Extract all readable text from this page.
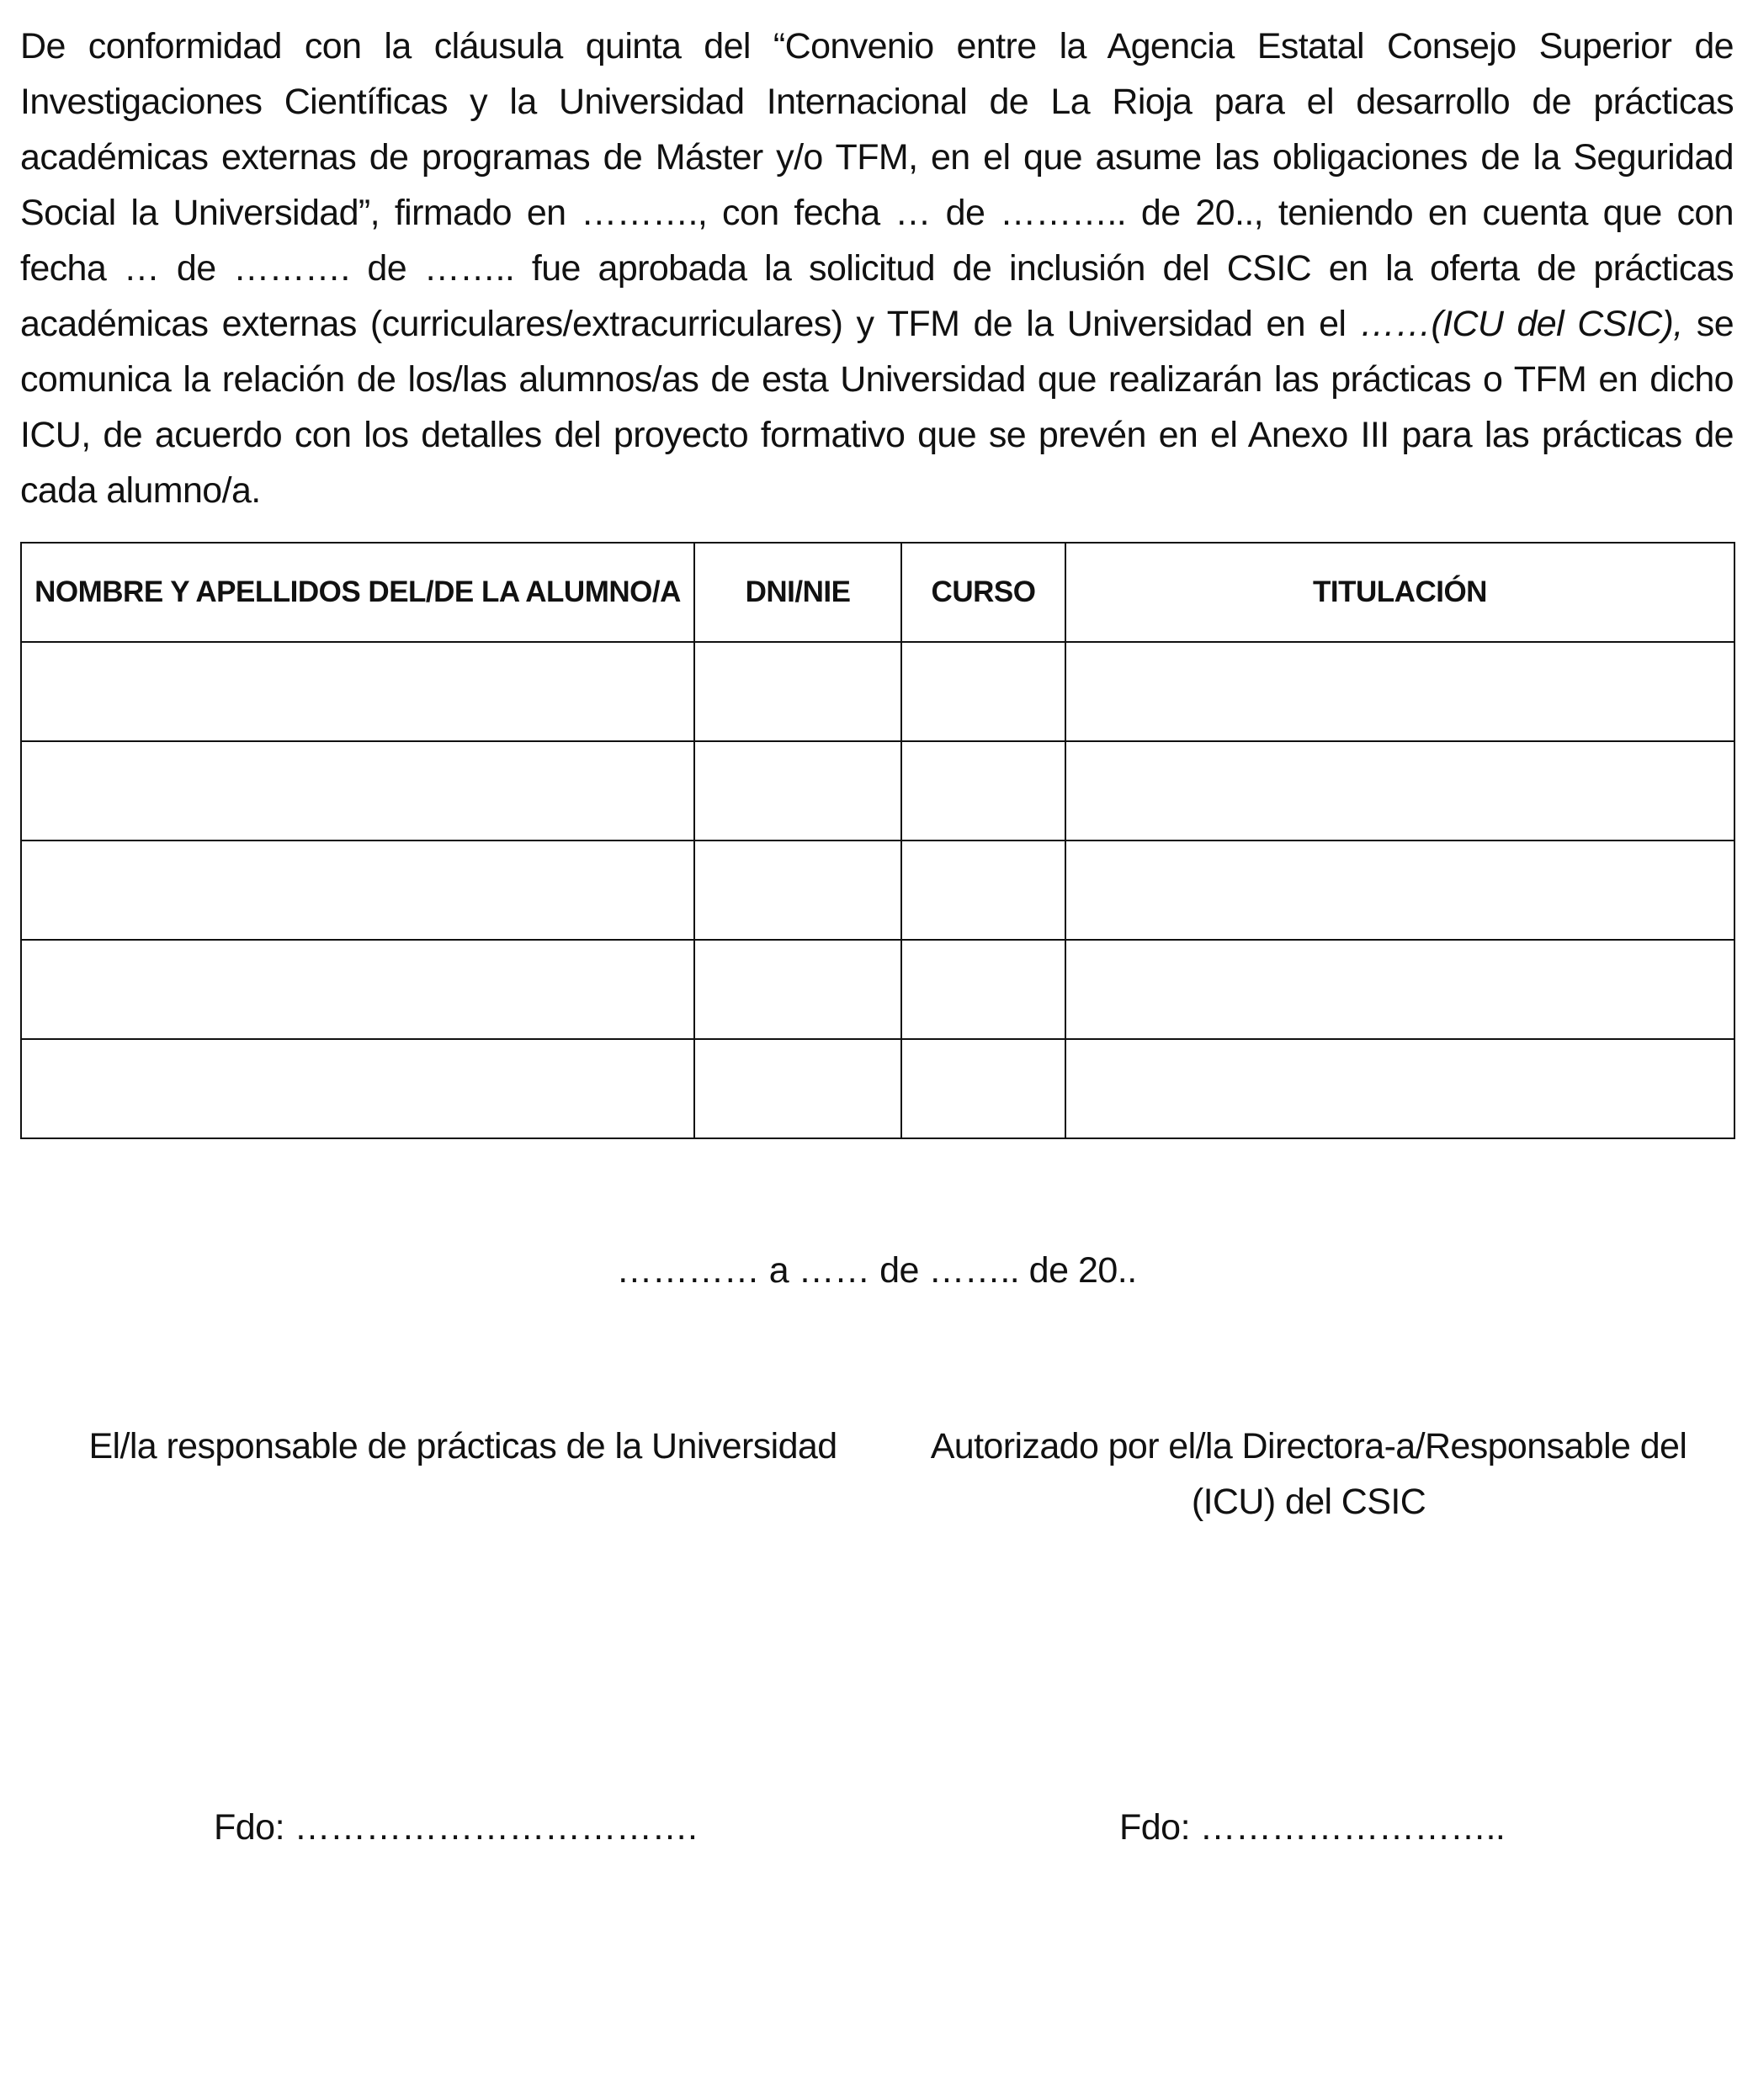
De conformidad con la cláusula quinta del “Convenio entre la Agencia Estatal Consejo Superior de Investigaciones Científicas y la Universidad Internacional de La Rioja para el desarrollo de prácticas académicas externas de programas de Máster y/o TFM, en el que asume las obligaciones de la Seguridad Social la Universidad”, firmado en ………., con fecha … de ……….. de 20.., teniendo en cuenta que con fecha … de ………. de …….. fue aprobada la solicitud de inclusión del CSIC en la oferta de prácticas académicas externas (curriculares/extracurriculares) y TFM de la Universidad en el ……(ICU del CSIC), se comunica la relación de los/las alumnos/as de esta Universidad que realizarán las prácticas o TFM en dicho ICU, de acuerdo con los detalles del proyecto formativo que se prevén en el Anexo III para las prácticas de cada alumno/a.

NOMBRE Y APELLIDOS DEL/DE LA ALUMNO/A	DNI/NIE	CURSO	TITULACIÓN

………… a …… de …….. de 20..
El/la responsable de prácticas de la Universidad	Autorizado por el/la Directora-a/Responsable del
(ICU) del CSIC
Fdo: …………………………….	Fdo: ……………………..
